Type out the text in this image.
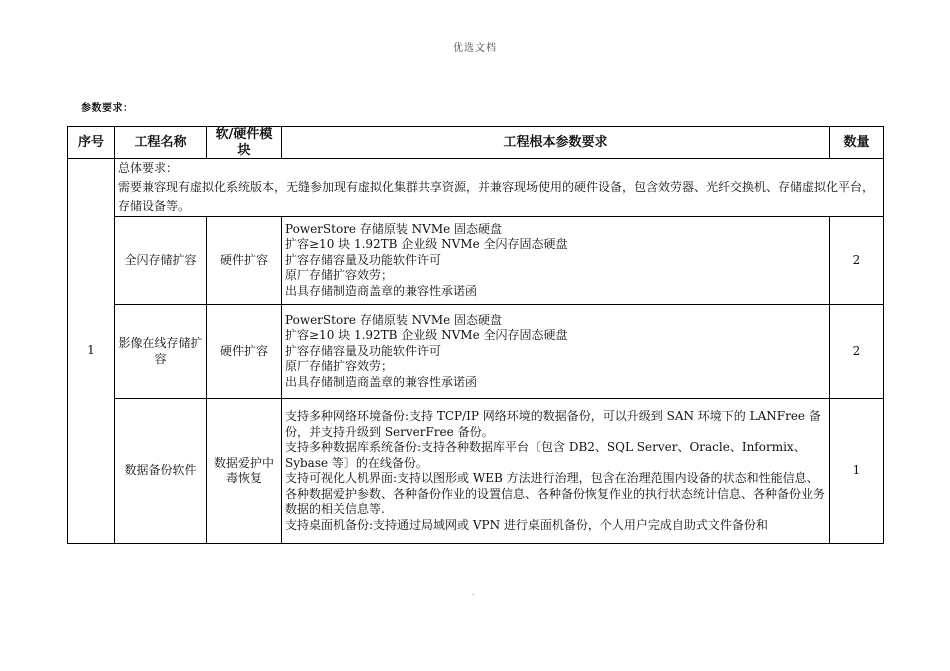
优选文档
参数要求：
序号	工程名称	软/硬件模块	工程根本参数要求	数量
1	总体要求：
需要兼容现有虚拟化系统版本，无缝参加现有虚拟化集群共享资源，并兼容现场使用的硬件设备，包含效劳器、光纤交换机、存储虚拟化平台，存储设备等。			

	全闪存储扩容	硬件扩容	PowerStore 存储原装 NVMe 固态硬盘
扩容≥10 块 1.92TB 企业级 NVMe 全闪存固态硬盘
扩容存储容量及功能软件许可
原厂存储扩容效劳；
出具存储制造商盖章的兼容性承诺函	2
	影像在线存储扩容	硬件扩容	PowerStore 存储原装 NVMe 固态硬盘
扩容≥10 块 1.92TB 企业级 NVMe 全闪存固态硬盘
扩容存储容量及功能软件许可
原厂存储扩容效劳；
出具存储制造商盖章的兼容性承诺函	2
	数据备份软件	数据爱护中毒恢复	支持多种网络环境备份:支持 TCP/IP 网络环境的数据备份，可以升级到 SAN 环境下的 LANFree 备份，并支持升级到 ServerFree 备份。
支持多种数据库系统备份:支持各种数据库平台〔包含 DB2、SQL Server、Oracle、Informix、Sybase 等〕的在线备份。
支持可视化人机界面:支持以图形或 WEB 方法进行治理，包含在治理范围内设备的状态和性能信息、各种数据爱护参数、各种备份作业的设置信息、各种备份恢复作业的执行状态统计信息、各种备份业务数据的相关信息等.
支持桌面机备份:支持通过局域网或 VPN 进行桌面机备份，个人用户完成自助式文件备份和	1
.
